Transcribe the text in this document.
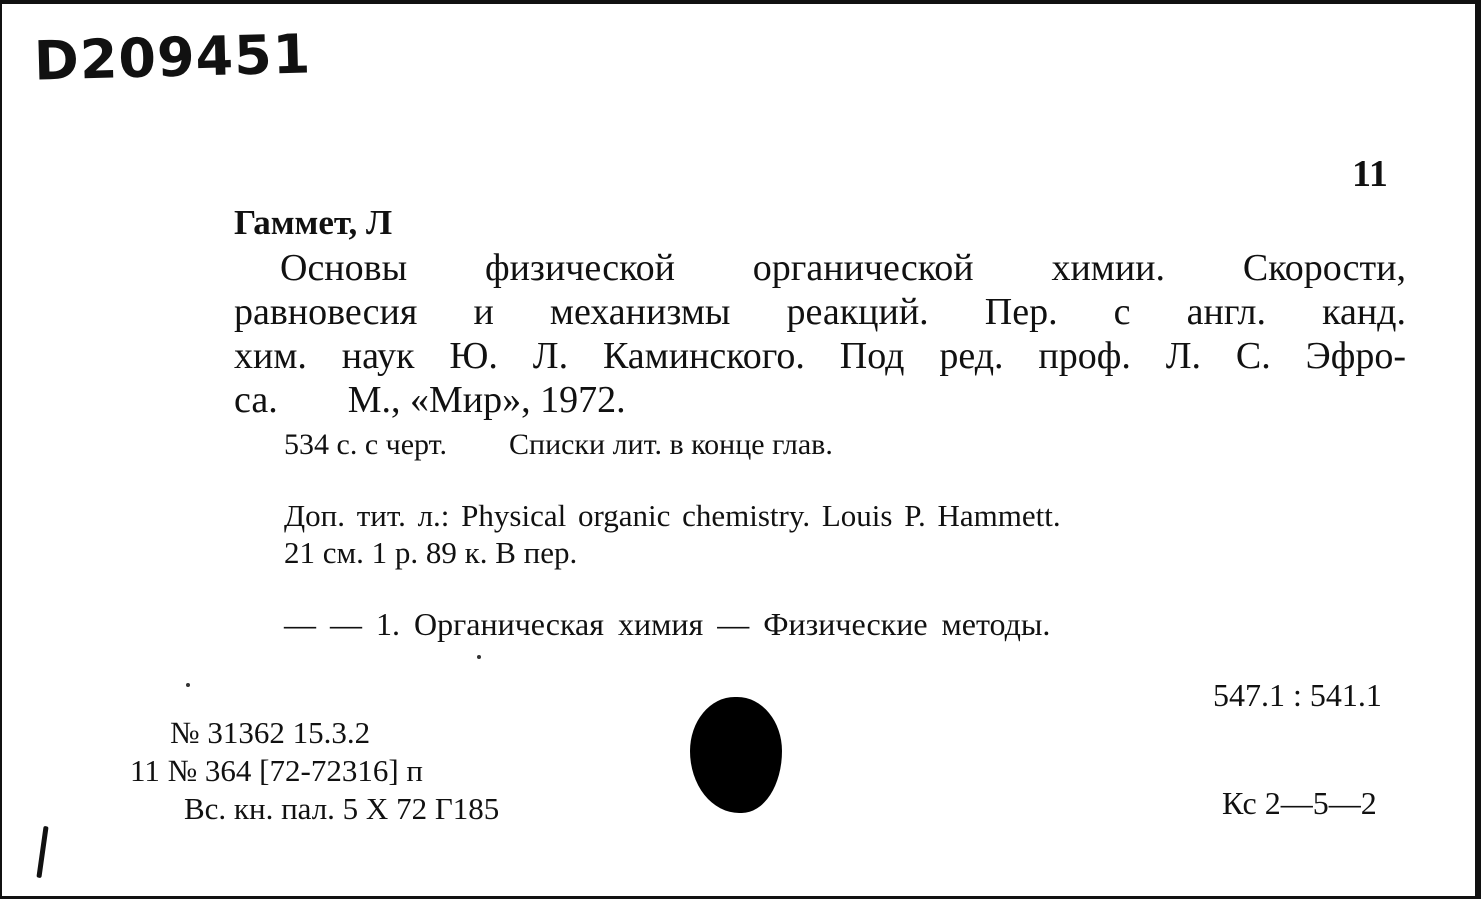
D209451
11
Гаммет, Л
Основы физической органической химии. Скорости,
равновесия и механизмы реакций. Пер. с англ. канд.
хим. наук Ю. Л. Каминского. Под ред. проф. Л. С. Эфро-
са. М., «Мир», 1972.
534 с. с черт. Списки лит. в конце глав.
Доп. тит. л.: Physical organic chemistry. Louis P. Hammett.
21 см. 1 р. 89 к. В пер.
— — 1. Органическая химия — Физические методы.
547.1 : 541.1
№ 31362 15.3.2
11 № 364 [72-72316] п
Вс. кн. пал. 5 Х 72 Г185	Кс 2—5—2
